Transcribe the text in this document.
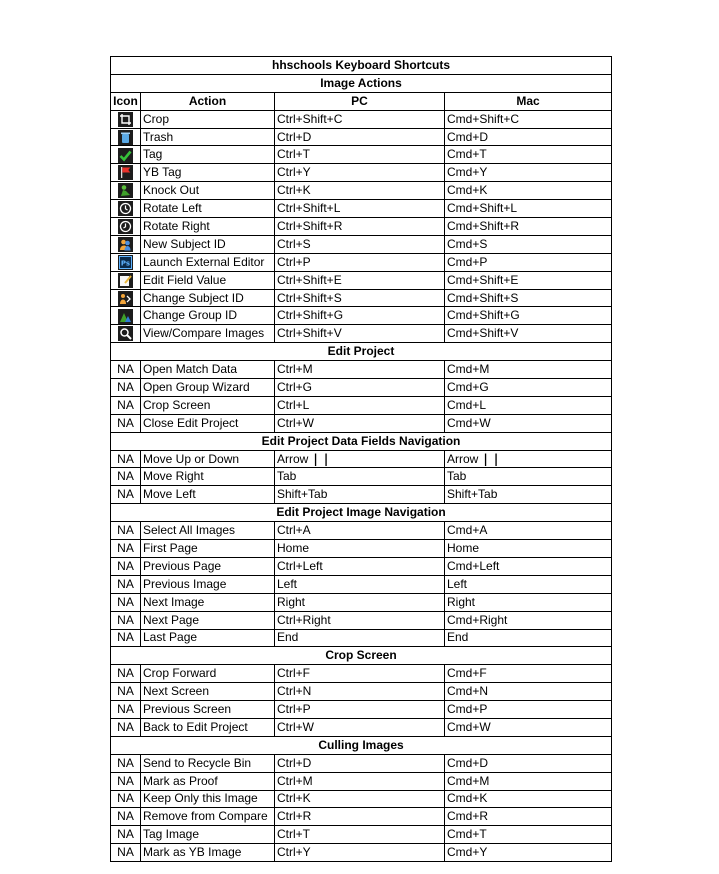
hhschools Keyboard Shortcuts			
Image Actions			
Icon	Action	PC	Mac

	Crop	Ctrl+Shift+C	Cmd+Shift+C

	Trash	Ctrl+D	Cmd+D

	Tag	Ctrl+T	Cmd+T

	YB Tag	Ctrl+Y	Cmd+Y

	Knock Out	Ctrl+K	Cmd+K

	Rotate Left	Ctrl+Shift+L	Cmd+Shift+L

	Rotate Right	Ctrl+Shift+R	Cmd+Shift+R

	New Subject ID	Ctrl+S	Cmd+S

Ps	Launch External Editor	Ctrl+P	Cmd+P

	Edit Field Value	Ctrl+Shift+E	Cmd+Shift+E

	Change Subject ID	Ctrl+Shift+S	Cmd+Shift+S

	Change Group ID	Ctrl+Shift+G	Cmd+Shift+G

	View/Compare Images	Ctrl+Shift+V	Cmd+Shift+V
Edit Project			
NA	Open Match Data	Ctrl+M	Cmd+M
NA	Open Group Wizard	Ctrl+G	Cmd+G
NA	Crop Screen	Ctrl+L	Cmd+L
NA	Close Edit Project	Ctrl+W	Cmd+W
Edit Project Data Fields Navigation			
NA	Move Up or Down	Arrow | |	Arrow | |
NA	Move Right	Tab	Tab
NA	Move Left	Shift+Tab	Shift+Tab
Edit Project Image Navigation			
NA	Select All Images	Ctrl+A	Cmd+A
NA	First Page	Home	Home
NA	Previous Page	Ctrl+Left	Cmd+Left
NA	Previous Image	Left	Left
NA	Next Image	Right	Right
NA	Next Page	Ctrl+Right	Cmd+Right
NA	Last Page	End	End
Crop Screen			
NA	Crop Forward	Ctrl+F	Cmd+F
NA	Next Screen	Ctrl+N	Cmd+N
NA	Previous Screen	Ctrl+P	Cmd+P
NA	Back to Edit Project	Ctrl+W	Cmd+W
Culling Images			
NA	Send to Recycle Bin	Ctrl+D	Cmd+D
NA	Mark as Proof	Ctrl+M	Cmd+M
NA	Keep Only this Image	Ctrl+K	Cmd+K
NA	Remove from Compare	Ctrl+R	Cmd+R
NA	Tag Image	Ctrl+T	Cmd+T
NA	Mark as YB Image	Ctrl+Y	Cmd+Y
